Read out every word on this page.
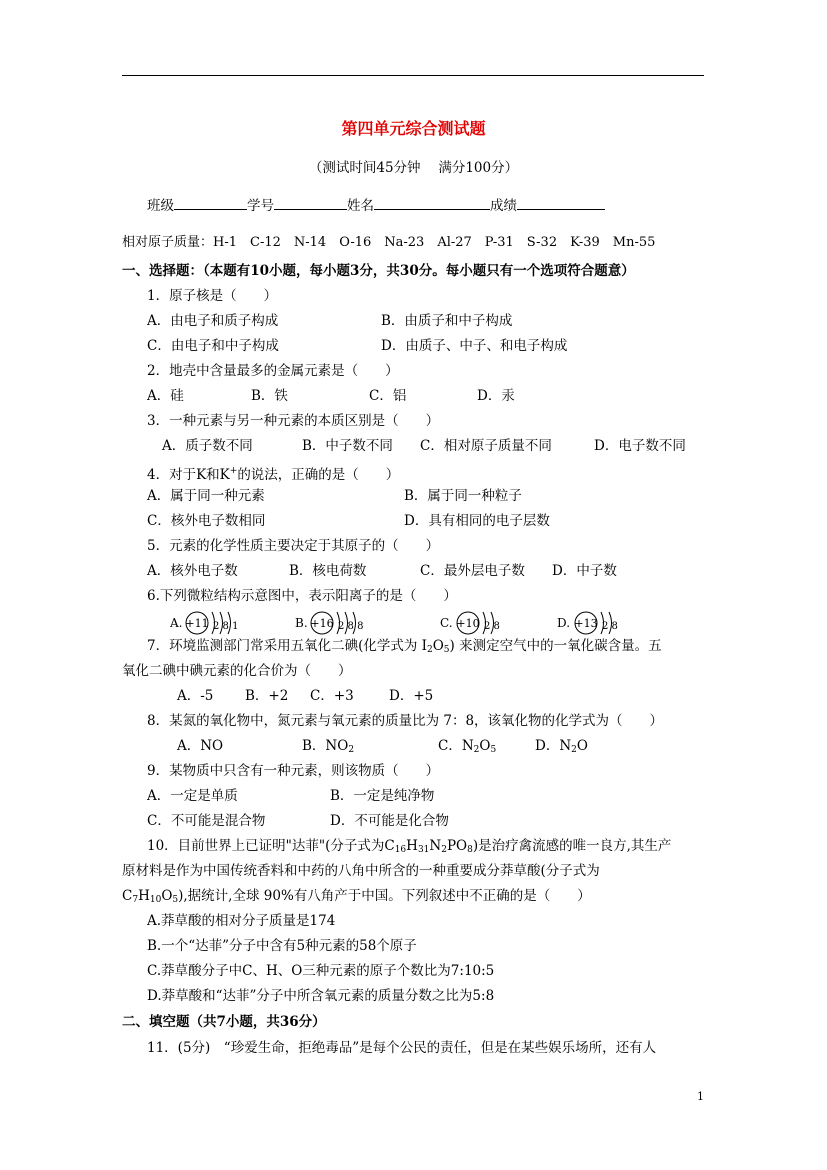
第四单元综合测试题
（测试时间45分钟　 满分100分）
班级	学号	姓名	成绩
相对原子质量：H-1　C-12　N-14　O-16　Na-23　Al-27　P-31　S-32　K-39　Mn-55
一、选择题：（本题有10小题，每小题3分，共30分。每小题只有一个选项符合题意）
1．原子核是（　　）
A．由电子和质子构成	B．由质子和中子构成
C．由电子和中子构成	D．由质子、中子、和电子构成
2．地壳中含量最多的金属元素是（　　）
A．硅	B．铁	C．铝	D．汞
3．一种元素与另一种元素的本质区别是（　　）
A．质子数不同	B．中子数不同 C．相对原子质量不同	D．电子数不同
4．对于K和K+的说法，正确的是（　　）
A．属于同一种元素	B．属于同一种粒子
C．核外电子数相同	D．具有相同的电子层数
5．元素的化学性质主要决定于其原子的（　　）
A．核外电子数	B．核电荷数	C．最外层电子数 D．中子数
6.下列微粒结构示意图中，表示阳离子的是（　　）
A. +11 2 8 1	B. +16 2 8 8	C. +10 2 8	D. +13 2 8
7．环境监测部门常采用五氧化二碘(化学式为 $I_2O_5$) 来测定空气中的一氧化碳含量。五
氧化二碘中碘元素的化合价为（　　）
A．-5 B．+2 C．+3	D．+5
8．某氮的氧化物中，氮元素与氧元素的质量比为 7：8，该氧化物的化学式为（　　）
A．NO	B．$NO_2$	C．$N_2O_5$	D．$N_2O$
9．某物质中只含有一种元素，则该物质（　　）
A．一定是单质	B．一定是纯净物
C．不可能是混合物	D．不可能是化合物
10．目前世界上已证明"达菲"(分子式为$C_{16}H_{31}N_2PO_8$)是治疗禽流感的唯一良方,其生产
原材料是作为中国传统香料和中药的八角中所含的一种重要成分莽草酸(分子式为
$C_7H_{10}O_5$),据统计,全球 90%有八角产于中国。下列叙述中不正确的是（　　）
A.莽草酸的相对分子质量是174
B.一个“达菲”分子中含有5种元素的58个原子
C.莽草酸分子中C、H、O三种元素的原子个数比为7:10:5
D.莽草酸和“达菲”分子中所含氧元素的质量分数之比为5:8
二、填空题（共7小题，共36分）
11．(5分)　“珍爱生命，拒绝毒品”是每个公民的责任，但是在某些娱乐场所，还有人
1
